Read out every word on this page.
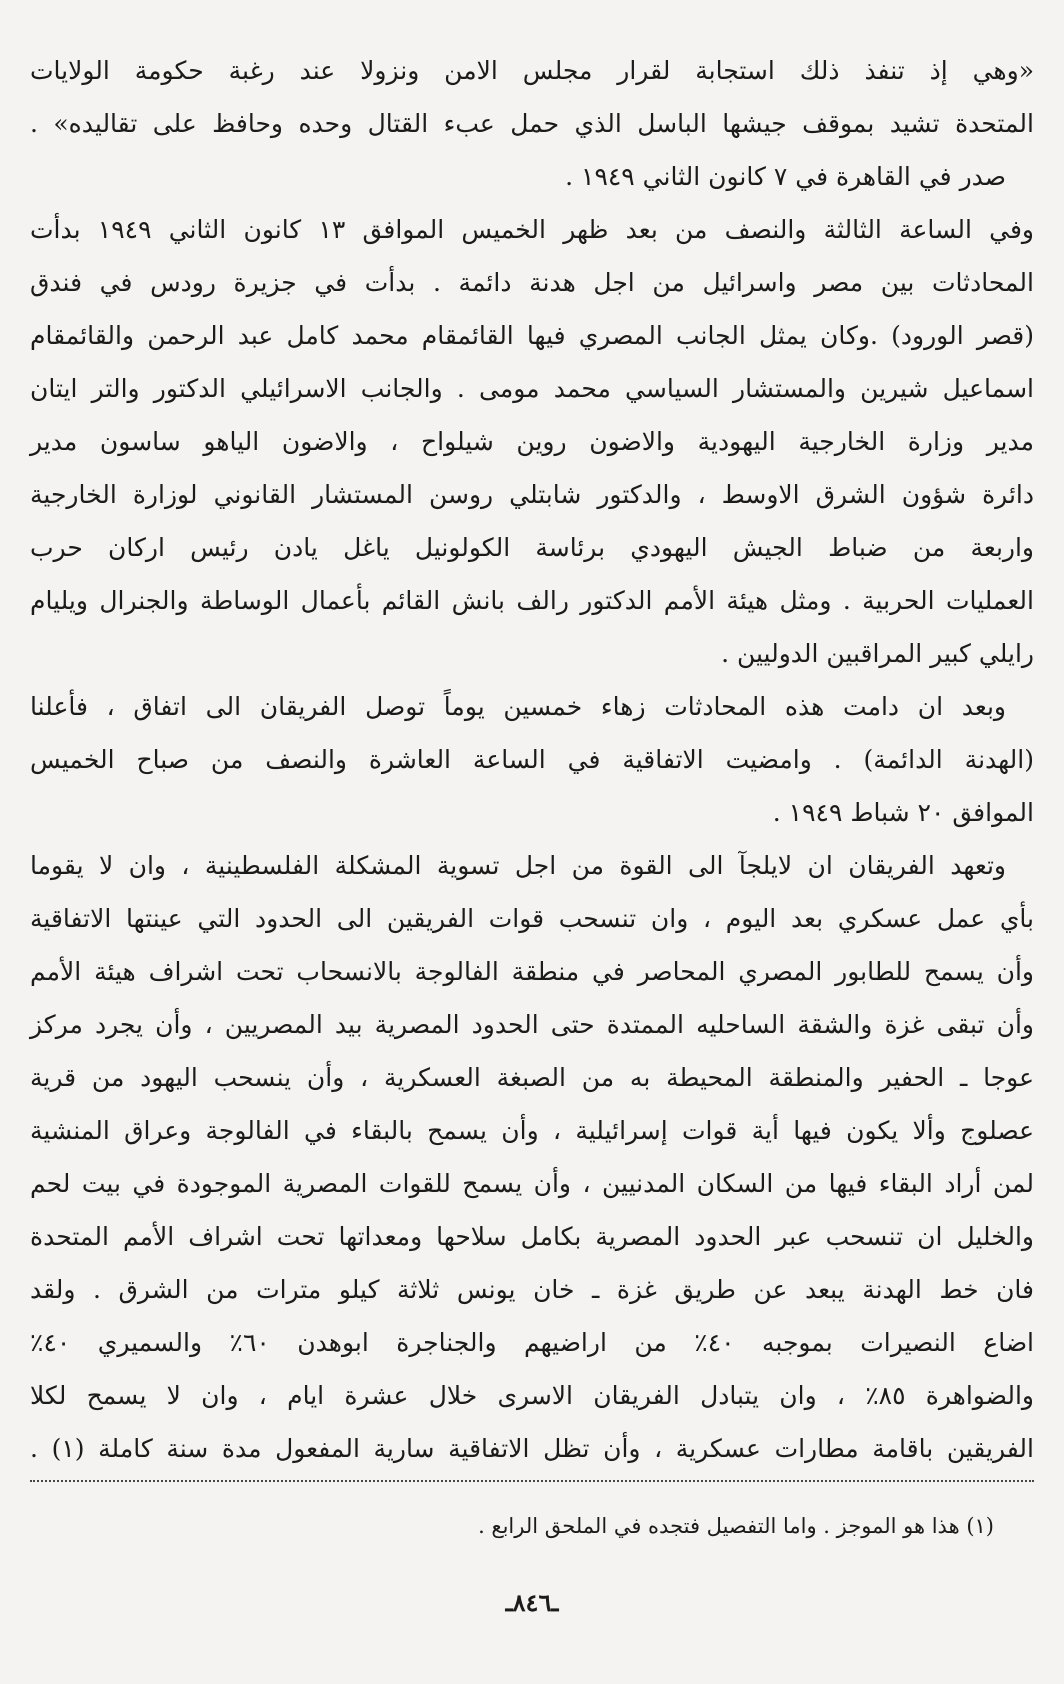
«وهي إذ تنفذ ذلك استجابة لقرار مجلس الامن ونزولا عند رغبة حكومة الولايات
المتحدة تشيد بموقف جيشها الباسل الذي حمل عبء القتال وحده وحافظ على تقاليده» .
صدر في القاهرة في ٧ كانون الثاني ١٩٤٩ .
وفي الساعة الثالثة والنصف من بعد ظهر الخميس الموافق ١٣ كانون الثاني ١٩٤٩ بدأت
المحادثات بين مصر واسرائيل من اجل هدنة دائمة . بدأت في جزيرة رودس في فندق
(قصر الورود) .وكان يمثل الجانب المصري فيها القائمقام محمد كامل عبد الرحمن والقائمقام
اسماعيل شيرين والمستشار السياسي محمد مومى . والجانب الاسرائيلي الدكتور والتر ايتان
مدير وزارة الخارجية اليهودية والاضون روين شيلواح ، والاضون الياهو ساسون مدير
دائرة شؤون الشرق الاوسط ، والدكتور شابتلي روسن المستشار القانوني لوزارة الخارجية
واربعة من ضباط الجيش اليهودي برئاسة الكولونيل ياغل يادن رئيس اركان حرب
العمليات الحربية . ومثل هيئة الأمم الدكتور رالف بانش القائم بأعمال الوساطة والجنرال ويليام
رايلي كبير المراقبين الدوليين .
وبعد ان دامت هذه المحادثات زهاء خمسين يوماً توصل الفريقان الى اتفاق ، فأعلنا
(الهدنة الدائمة) . وامضيت الاتفاقية في الساعة العاشرة والنصف من صباح الخميس
الموافق ٢٠ شباط ١٩٤٩ .
وتعهد الفريقان ان لايلجآ الى القوة من اجل تسوية المشكلة الفلسطينية ، وان لا يقوما
بأي عمل عسكري بعد اليوم ، وان تنسحب قوات الفريقين الى الحدود التي عينتها الاتفاقية
وأن يسمح للطابور المصري المحاصر في منطقة الفالوجة بالانسحاب تحت اشراف هيئة الأمم
وأن تبقى غزة والشقة الساحليه الممتدة حتى الحدود المصرية بيد المصريين ، وأن يجرد مركز
عوجا ـ الحفير والمنطقة المحيطة به من الصبغة العسكرية ، وأن ينسحب اليهود من قرية
عصلوج وألا يكون فيها أية قوات إسرائيلية ، وأن يسمح بالبقاء في الفالوجة وعراق المنشية
لمن أراد البقاء فيها من السكان المدنيين ، وأن يسمح للقوات المصرية الموجودة في بيت لحم
والخليل ان تنسحب عبر الحدود المصرية بكامل سلاحها ومعداتها تحت اشراف الأمم المتحدة
فان خط الهدنة يبعد عن طريق غزة ـ خان يونس ثلاثة كيلو مترات من الشرق . ولقد
اضاع النصيرات بموجبه ٤٠٪ من اراضيهم والجناجرة ابوهدن ٦٠٪ والسميري ٤٠٪
والضواهرة ٨٥٪ ، وان يتبادل الفريقان الاسرى خلال عشرة ايام ، وان لا يسمح لكلا
الفريقين باقامة مطارات عسكرية ، وأن تظل الاتفاقية سارية المفعول مدة سنة كاملة (١) .
(١) هذا هو الموجز . واما التفصيل فتجده في الملحق الرابع .
ـ٨٤٦ـ
